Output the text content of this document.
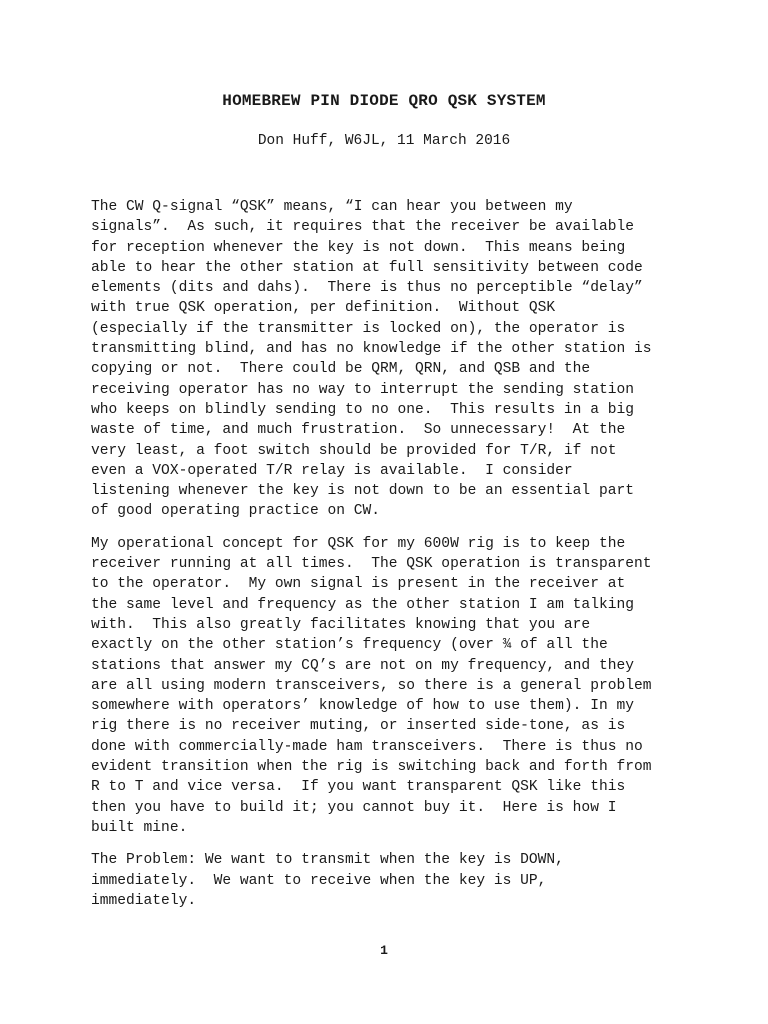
HOMEBREW PIN DIODE QRO QSK SYSTEM
Don Huff, W6JL, 11 March 2016
The CW Q-signal “QSK” means, “I can hear you between my
signals”.  As such, it requires that the receiver be available
for reception whenever the key is not down.  This means being
able to hear the other station at full sensitivity between code
elements (dits and dahs).  There is thus no perceptible “delay”
with true QSK operation, per definition.  Without QSK
(especially if the transmitter is locked on), the operator is
transmitting blind, and has no knowledge if the other station is
copying or not.  There could be QRM, QRN, and QSB and the
receiving operator has no way to interrupt the sending station
who keeps on blindly sending to no one.  This results in a big
waste of time, and much frustration.  So unnecessary!  At the
very least, a foot switch should be provided for T/R, if not
even a VOX-operated T/R relay is available.  I consider
listening whenever the key is not down to be an essential part
of good operating practice on CW.
My operational concept for QSK for my 600W rig is to keep the
receiver running at all times.  The QSK operation is transparent
to the operator.  My own signal is present in the receiver at
the same level and frequency as the other station I am talking
with.  This also greatly facilitates knowing that you are
exactly on the other station’s frequency (over ¾ of all the
stations that answer my CQ’s are not on my frequency, and they
are all using modern transceivers, so there is a general problem
somewhere with operators’ knowledge of how to use them). In my
rig there is no receiver muting, or inserted side-tone, as is
done with commercially-made ham transceivers.  There is thus no
evident transition when the rig is switching back and forth from
R to T and vice versa.  If you want transparent QSK like this
then you have to build it; you cannot buy it.  Here is how I
built mine.
The Problem: We want to transmit when the key is DOWN,
immediately.  We want to receive when the key is UP,
immediately.
1
